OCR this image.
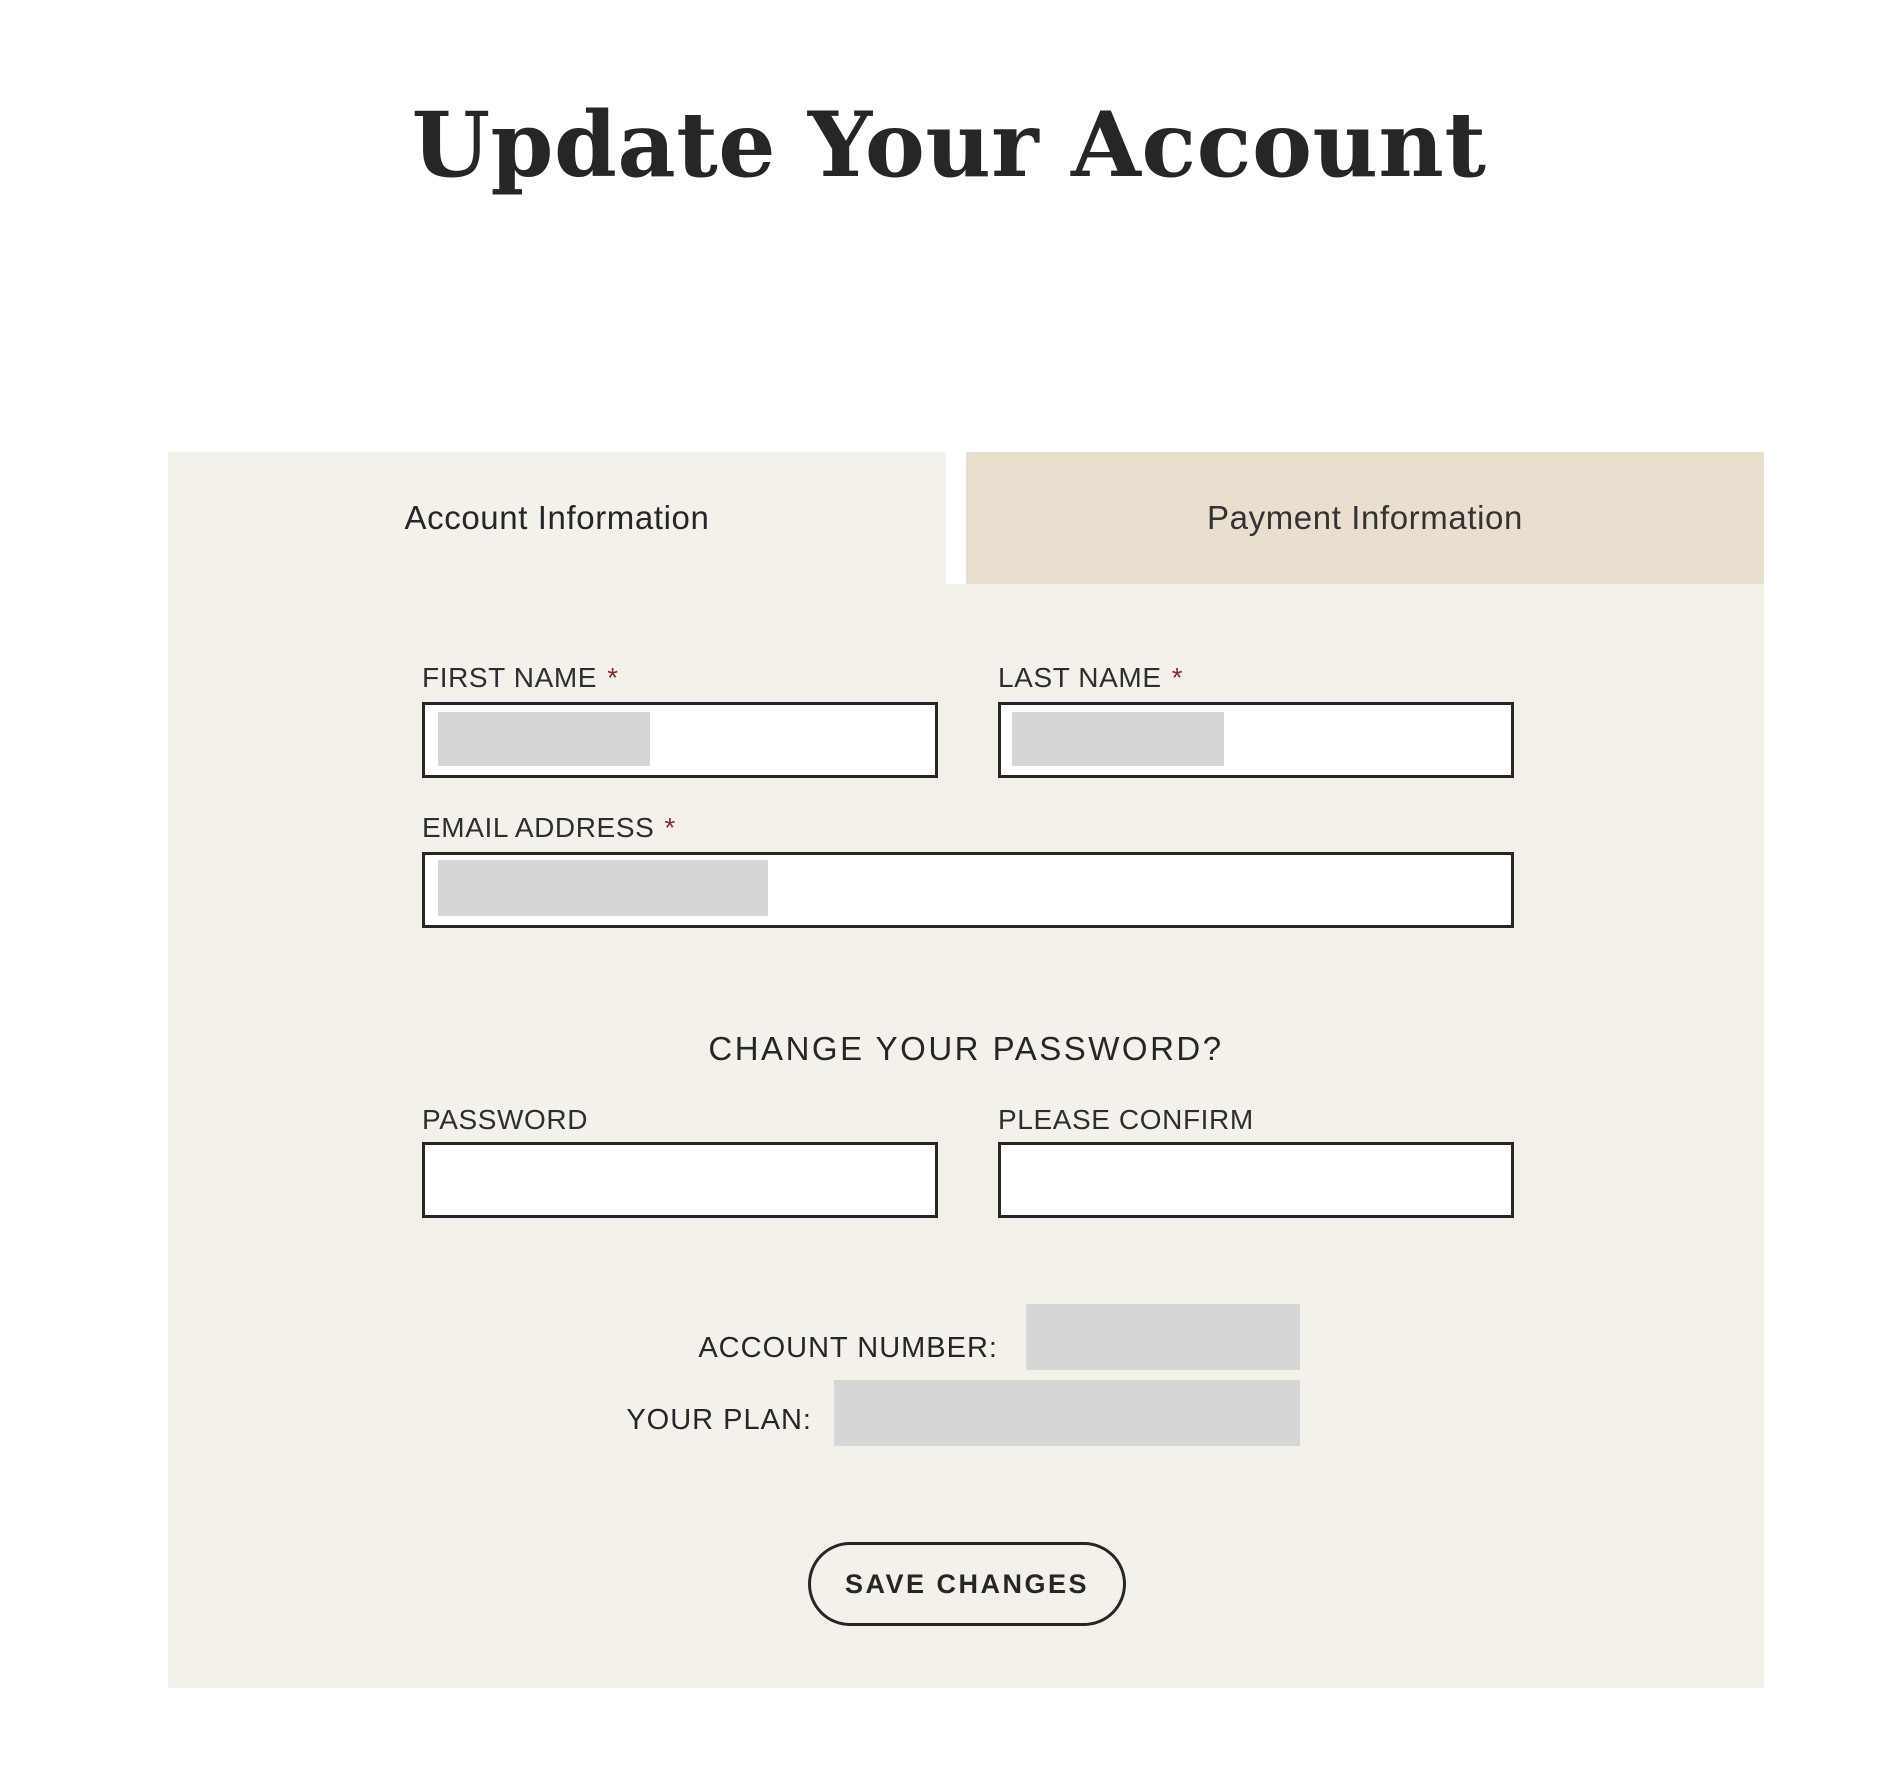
Update Your Account
Account Information	Payment Information
FIRST NAME *	LAST NAME *
EMAIL ADDRESS *
CHANGE YOUR PASSWORD?
PASSWORD	PLEASE CONFIRM
ACCOUNT NUMBER:
YOUR PLAN:
SAVE CHANGES
